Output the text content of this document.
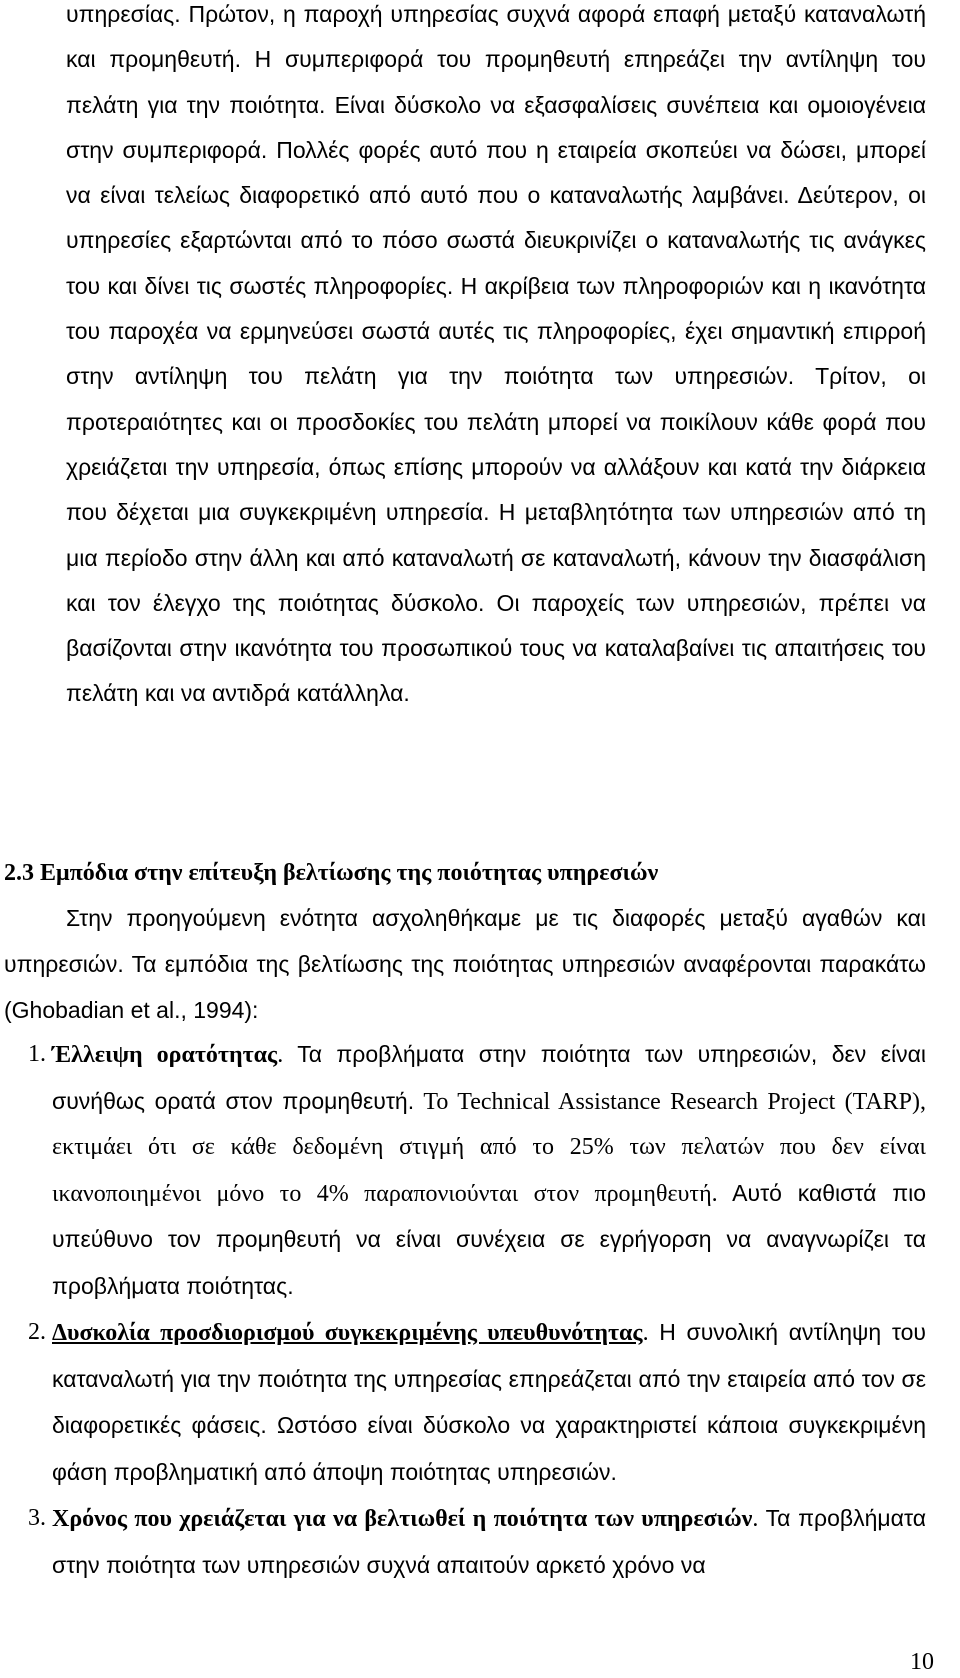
υπηρεσίας. Πρώτον, η παροχή υπηρεσίας συχνά αφορά επαφή μεταξύ καταναλωτή και προμηθευτή. Η συμπεριφορά του προμηθευτή επηρεάζει την αντίληψη του πελάτη για την ποιότητα. Είναι δύσκολο να εξασφαλίσεις συνέπεια και ομοιογένεια στην συμπεριφορά. Πολλές φορές αυτό που η εταιρεία σκοπεύει να δώσει, μπορεί να είναι τελείως διαφορετικό από αυτό που ο καταναλωτής λαμβάνει. Δεύτερον, οι υπηρεσίες εξαρτώνται από το πόσο σωστά διευκρινίζει ο καταναλωτής τις ανάγκες του και δίνει τις σωστές πληροφορίες. Η ακρίβεια των πληροφοριών και η ικανότητα του παροχέα να ερμηνεύσει σωστά αυτές τις πληροφορίες, έχει σημαντική επιρροή στην αντίληψη του πελάτη για την ποιότητα των υπηρεσιών. Τρίτον, οι προτεραιότητες και οι προσδοκίες του πελάτη μπορεί να ποικίλουν κάθε φορά που χρειάζεται την υπηρεσία, όπως επίσης μπορούν να αλλάξουν και κατά την διάρκεια που δέχεται μια συγκεκριμένη υπηρεσία. Η μεταβλητότητα των υπηρεσιών από τη μια περίοδο στην άλλη και από καταναλωτή σε καταναλωτή, κάνουν την διασφάλιση και τον έλεγχο της ποιότητας δύσκολο. Οι παροχείς των υπηρεσιών, πρέπει να βασίζονται στην ικανότητα του προσωπικού τους να καταλαβαίνει τις απαιτήσεις του πελάτη και να αντιδρά κατάλληλα.

2.3 Εμπόδια στην επίτευξη βελτίωσης της ποιότητας υπηρεσιών

Στην προηγούμενη ενότητα ασχοληθήκαμε με τις διαφορές μεταξύ αγαθών και υπηρεσιών. Τα εμπόδια της βελτίωσης της ποιότητας υπηρεσιών αναφέρονται παρακάτω (Ghobadian et al., 1994):

1. Έλλειψη ορατότητας. Τα προβλήματα στην ποιότητα των υπηρεσιών, δεν είναι συνήθως ορατά στον προμηθευτή. To Technical Assistance Research Project (TARP), εκτιμάει ότι σε κάθε δεδομένη στιγμή από το 25% των πελατών που δεν είναι ικανοποιημένοι μόνο το 4% παραπονιούνται στον προμηθευτή. Αυτό καθιστά πιο υπεύθυνο τον προμηθευτή να είναι συνέχεια σε εγρήγορση να αναγνωρίζει τα προβλήματα ποιότητας.
2. Δυσκολία προσδιορισμού συγκεκριμένης υπευθυνότητας. Η συνολική αντίληψη του καταναλωτή για την ποιότητα της υπηρεσίας επηρεάζεται από την εταιρεία από τον σε διαφορετικές φάσεις. Ωστόσο είναι δύσκολο να χαρακτηριστεί κάποια συγκεκριμένη φάση προβληματική από άποψη ποιότητας υπηρεσιών.
3. Χρόνος που χρειάζεται για να βελτιωθεί η ποιότητα των υπηρεσιών. Τα προβλήματα στην ποιότητα των υπηρεσιών συχνά απαιτούν αρκετό χρόνο να
10
